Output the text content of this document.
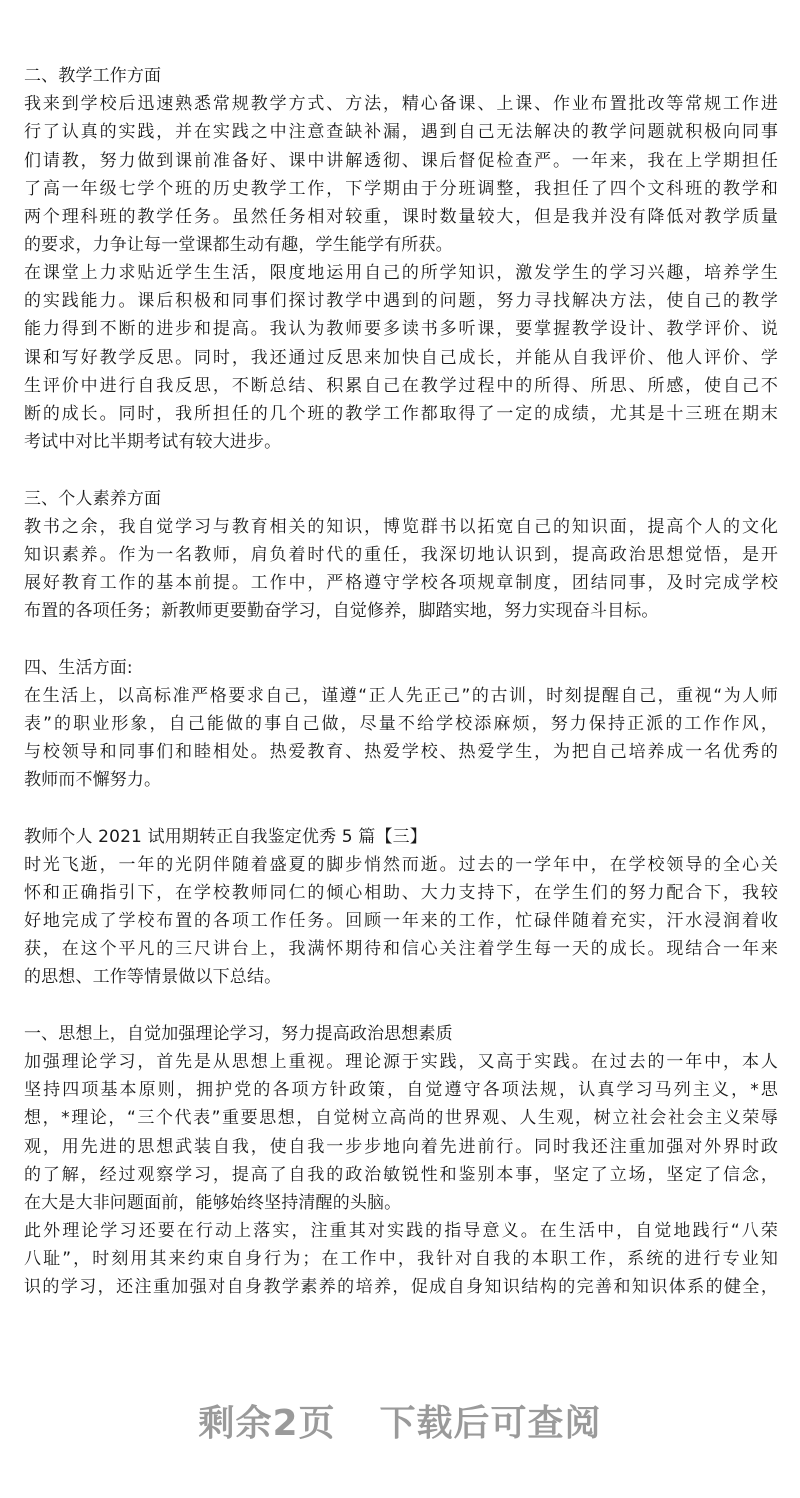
二、教学工作方面
我来到学校后迅速熟悉常规教学方式、方法，精心备课、上课、作业布置批改等常规工作进
行了认真的实践，并在实践之中注意查缺补漏，遇到自己无法解决的教学问题就积极向同事
们请教，努力做到课前准备好、课中讲解透彻、课后督促检查严。一年来，我在上学期担任
了高一年级七学个班的历史教学工作，下学期由于分班调整，我担任了四个文科班的教学和
两个理科班的教学任务。虽然任务相对较重，课时数量较大，但是我并没有降低对教学质量
的要求，力争让每一堂课都生动有趣，学生能学有所获。
在课堂上力求贴近学生生活，限度地运用自己的所学知识，激发学生的学习兴趣，培养学生
的实践能力。课后积极和同事们探讨教学中遇到的问题，努力寻找解决方法，使自己的教学
能力得到不断的进步和提高。我认为教师要多读书多听课，要掌握教学设计、教学评价、说
课和写好教学反思。同时，我还通过反思来加快自己成长，并能从自我评价、他人评价、学
生评价中进行自我反思，不断总结、积累自己在教学过程中的所得、所思、所感，使自己不
断的成长。同时，我所担任的几个班的教学工作都取得了一定的成绩，尤其是十三班在期末
考试中对比半期考试有较大进步。
三、个人素养方面
教书之余，我自觉学习与教育相关的知识，博览群书以拓宽自己的知识面，提高个人的文化
知识素养。作为一名教师，肩负着时代的重任，我深切地认识到，提高政治思想觉悟，是开
展好教育工作的基本前提。工作中，严格遵守学校各项规章制度，团结同事，及时完成学校
布置的各项任务；新教师更要勤奋学习，自觉修养，脚踏实地，努力实现奋斗目标。
四、生活方面:
在生活上，以高标准严格要求自己，谨遵“正人先正己”的古训，时刻提醒自己，重视“为人师
表”的职业形象，自己能做的事自己做，尽量不给学校添麻烦，努力保持正派的工作作风，
与校领导和同事们和睦相处。热爱教育、热爱学校、热爱学生，为把自己培养成一名优秀的
教师而不懈努力。
教师个人 2021 试用期转正自我鉴定优秀 5 篇【三】
时光飞逝，一年的光阴伴随着盛夏的脚步悄然而逝。过去的一学年中，在学校领导的全心关
怀和正确指引下，在学校教师同仁的倾心相助、大力支持下，在学生们的努力配合下，我较
好地完成了学校布置的各项工作任务。回顾一年来的工作，忙碌伴随着充实，汗水浸润着收
获，在这个平凡的三尺讲台上，我满怀期待和信心关注着学生每一天的成长。现结合一年来
的思想、工作等情景做以下总结。
一、思想上，自觉加强理论学习，努力提高政治思想素质
加强理论学习，首先是从思想上重视。理论源于实践，又高于实践。在过去的一年中，本人
坚持四项基本原则，拥护党的各项方针政策，自觉遵守各项法规，认真学习马列主义，*思
想，*理论，“三个代表”重要思想，自觉树立高尚的世界观、人生观，树立社会社会主义荣辱
观，用先进的思想武装自我，使自我一步步地向着先进前行。同时我还注重加强对外界时政
的了解，经过观察学习，提高了自我的政治敏锐性和鉴别本事，坚定了立场，坚定了信念，
在大是大非问题面前，能够始终坚持清醒的头脑。
此外理论学习还要在行动上落实，注重其对实践的指导意义。在生活中，自觉地践行“八荣
八耻”，时刻用其来约束自身行为；在工作中，我针对自我的本职工作，系统的进行专业知
识的学习，还注重加强对自身教学素养的培养，促成自身知识结构的完善和知识体系的健全，
剩余2页 下载后可查阅
